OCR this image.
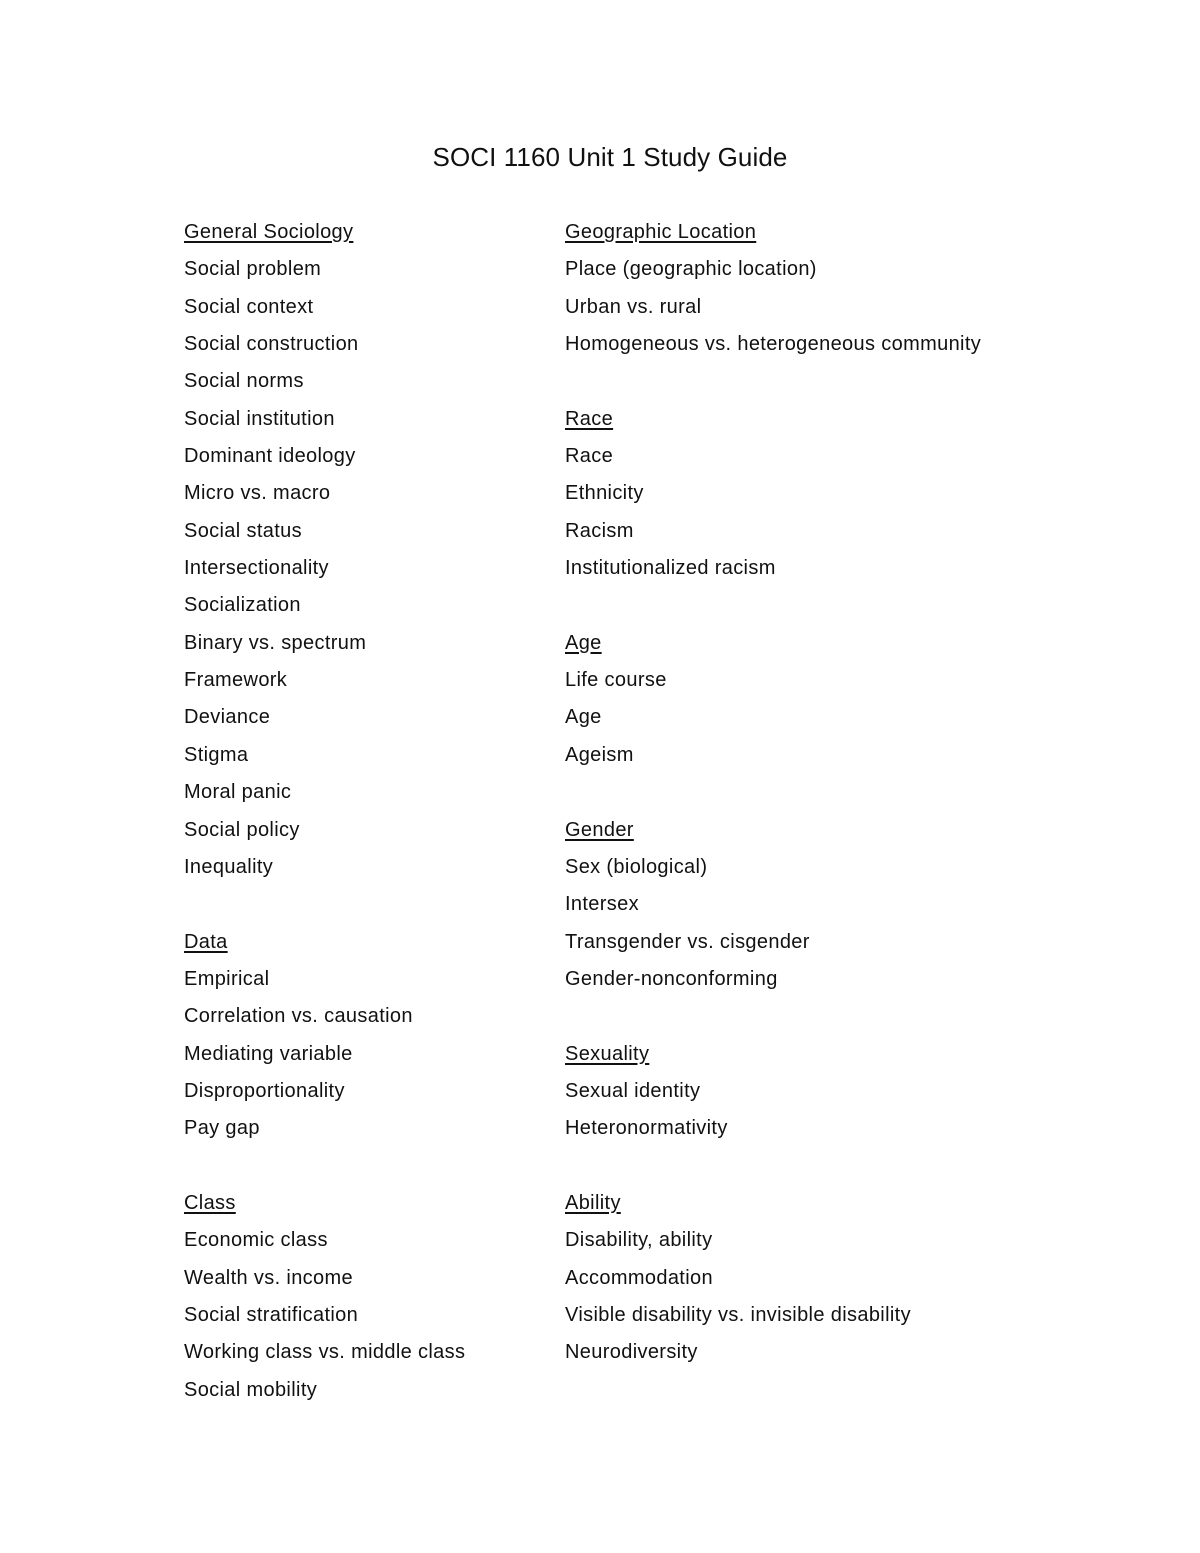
SOCI 1160 Unit 1 Study Guide
General Sociology
Social problem
Social context
Social construction
Social norms
Social institution
Dominant ideology
Micro vs. macro
Social status
Intersectionality
Socialization
Binary vs. spectrum
Framework
Deviance
Stigma
Moral panic
Social policy
Inequality
Data
Empirical
Correlation vs. causation
Mediating variable
Disproportionality
Pay gap
Class
Economic class
Wealth vs. income
Social stratification
Working class vs. middle class
Social mobility
Geographic Location
Place (geographic location)
Urban vs. rural
Homogeneous vs. heterogeneous community
Race
Race
Ethnicity
Racism
Institutionalized racism
Age
Life course
Age
Ageism
Gender
Sex (biological)
Intersex
Transgender vs. cisgender
Gender-nonconforming
Sexuality
Sexual identity
Heteronormativity
Ability
Disability, ability
Accommodation
Visible disability vs. invisible disability
Neurodiversity
